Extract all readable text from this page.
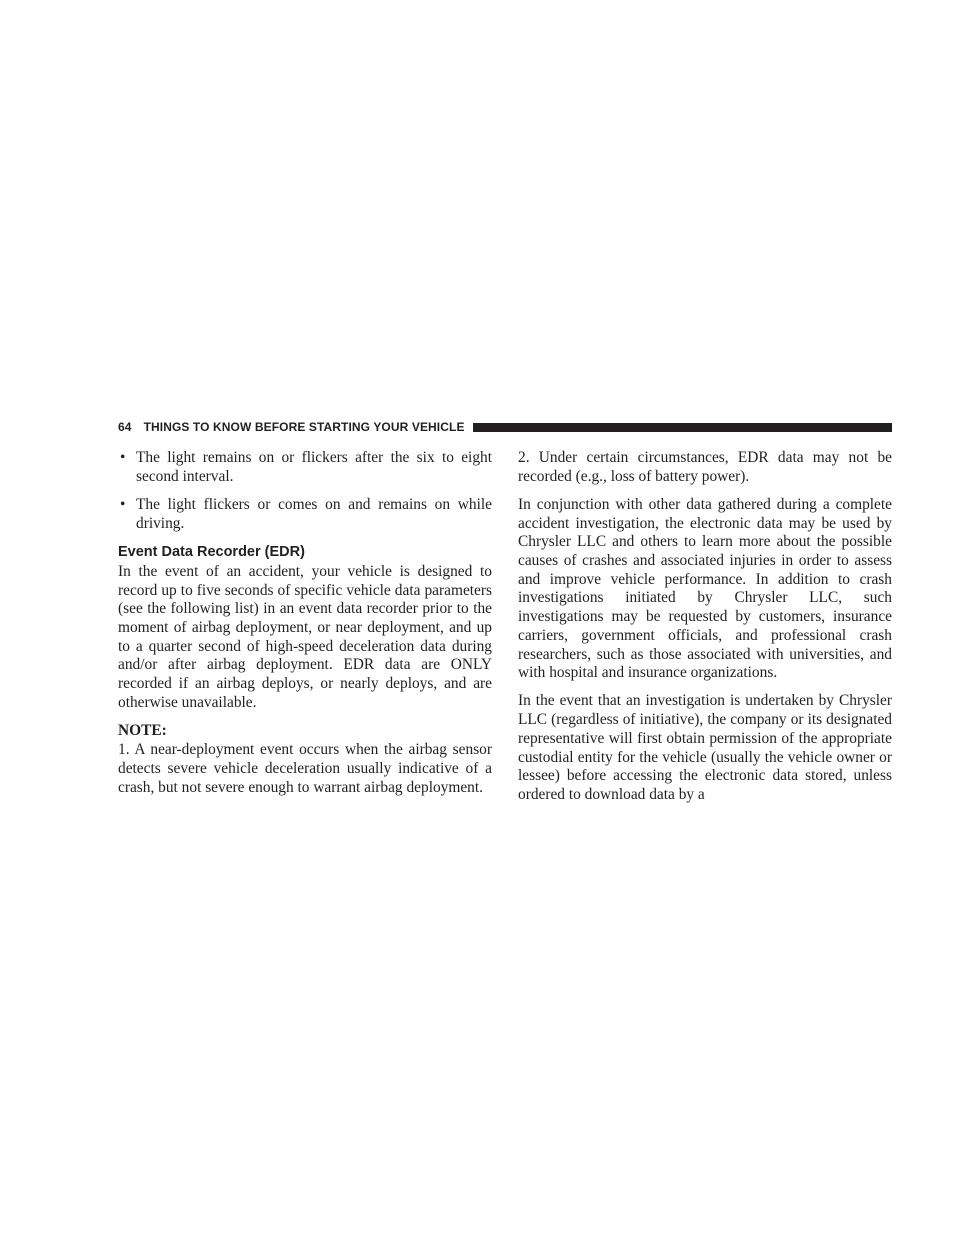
64 THINGS TO KNOW BEFORE STARTING YOUR VEHICLE
• The light remains on or flickers after the six to eight second interval.
• The light flickers or comes on and remains on while driving.
Event Data Recorder (EDR)

In the event of an accident, your vehicle is designed to record up to five seconds of specific vehicle data parameters (see the following list) in an event data recorder prior to the moment of airbag deployment, or near deployment, and up to a quarter second of high-speed deceleration data during and/or after airbag deployment. EDR data are ONLY recorded if an airbag deploys, or nearly deploys, and are otherwise unavailable.

NOTE:

1. A near-deployment event occurs when the airbag sensor detects severe vehicle deceleration usually indicative of a crash, but not severe enough to warrant airbag deployment.

2. Under certain circumstances, EDR data may not be recorded (e.g., loss of battery power).

In conjunction with other data gathered during a complete accident investigation, the electronic data may be used by Chrysler LLC and others to learn more about the possible causes of crashes and associated injuries in order to assess and improve vehicle performance. In addition to crash investigations initiated by Chrysler LLC, such investigations may be requested by customers, insurance carriers, government officials, and professional crash researchers, such as those associated with universities, and with hospital and insurance organizations.

In the event that an investigation is undertaken by Chrysler LLC (regardless of initiative), the company or its designated representative will first obtain permission of the appropriate custodial entity for the vehicle (usually the vehicle owner or lessee) before accessing the electronic data stored, unless ordered to download data by a
